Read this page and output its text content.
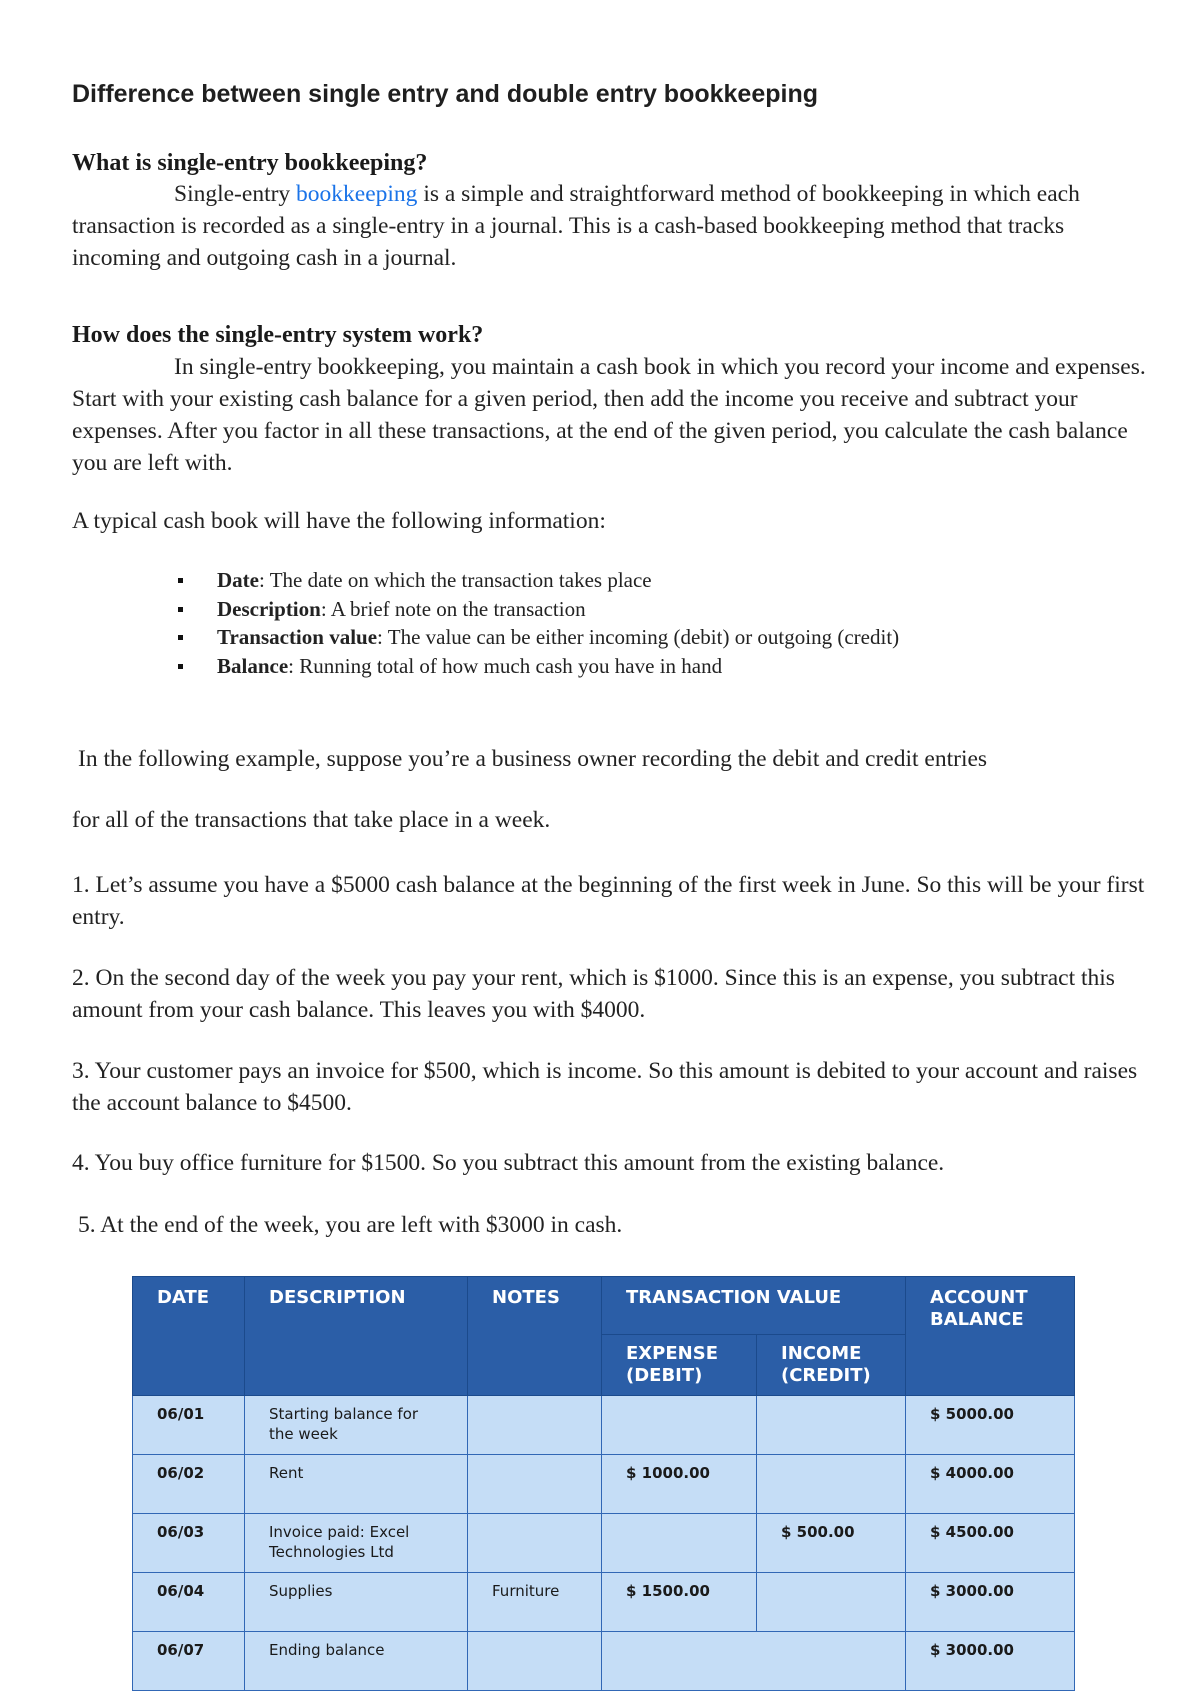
Difference between single entry and double entry bookkeeping
What is single-entry bookkeeping?

Single-entry bookkeeping is a simple and straightforward method of bookkeeping in which each transaction is recorded as a single-entry in a journal. This is a cash-based bookkeeping method that tracks incoming and outgoing cash in a journal.

How does the single-entry system work?

In single-entry bookkeeping, you maintain a cash book in which you record your income and expenses. Start with your existing cash balance for a given period, then add the income you receive and subtract your expenses. After you factor in all these transactions, at the end of the given period, you calculate the cash balance you are left with.

A typical cash book will have the following information:

Date: The date on which the transaction takes place
Description: A brief note on the transaction
Transaction value: The value can be either incoming (debit) or outgoing (credit)
Balance: Running total of how much cash you have in hand

In the following example, suppose you’re a business owner recording the debit and credit entries

for all of the transactions that take place in a week.

1. Let’s assume you have a $5000 cash balance at the beginning of the first week in June. So this will be your first entry.

2. On the second day of the week you pay your rent, which is $1000. Since this is an expense, you subtract this amount from your cash balance. This leaves you with $4000.

3. Your customer pays an invoice for $500, which is income. So this amount is debited to your account and raises the account balance to $4500.

4. You buy office furniture for $1500. So you subtract this amount from the existing balance.

5. At the end of the week, you are left with $3000 in cash.

DATE	DESCRIPTION	NOTES	TRANSACTION VALUE		ACCOUNT BALANCE
			EXPENSE (DEBIT)	INCOME (CREDIT)	
06/01	Starting balance for the week				$ 5000.00
06/02	Rent		$ 1000.00		$ 4000.00
06/03	Invoice paid: Excel Technologies Ltd			$ 500.00	$ 4500.00
06/04	Supplies	Furniture	$ 1500.00		$ 3000.00
06/07	Ending balance				$ 3000.00
